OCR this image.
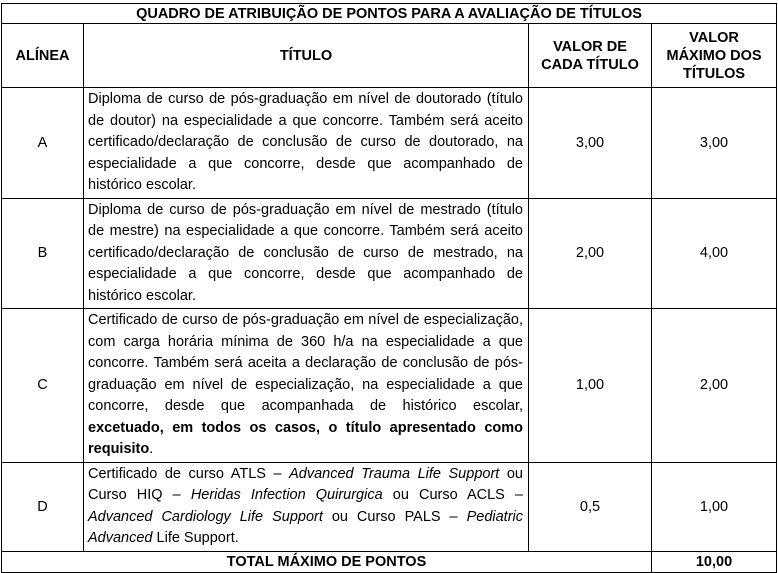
QUADRO DE ATRIBUIÇÃO DE PONTOS PARA A AVALIAÇÃO DE TÍTULOS			
ALÍNEA	TÍTULO	VALOR DE CADA TÍTULO	VALOR MÁXIMO DOS TÍTULOS
A	Diploma de curso de pós-graduação em nível de doutorado (título de doutor) na especialidade a que concorre. Também será aceito certificado/declaração de conclusão de curso de doutorado, na especialidade a que concorre, desde que acompanhado de histórico escolar.	3,00	3,00
B	Diploma de curso de pós-graduação em nível de mestrado (título de mestre) na especialidade a que concorre. Também será aceito certificado/declaração de conclusão de curso de mestrado, na especialidade a que concorre, desde que acompanhado de histórico escolar.	2,00	4,00
C	Certificado de curso de pós-graduação em nível de especialização, com carga horária mínima de 360 h/a na especialidade a que concorre. Também será aceita a declaração de conclusão de pós-graduação em nível de especialização, na especialidade a que concorre, desde que acompanhada de histórico escolar, excetuado, em todos os casos, o título apresentado como requisito.	1,00	2,00
D	Certificado de curso ATLS – Advanced Trauma Life Support ou Curso HIQ – Heridas Infection Quirurgica ou Curso ACLS – Advanced Cardiology Life Support ou Curso PALS – Pediatric Advanced Life Support.	0,5	1,00
TOTAL MÁXIMO DE PONTOS			10,00
